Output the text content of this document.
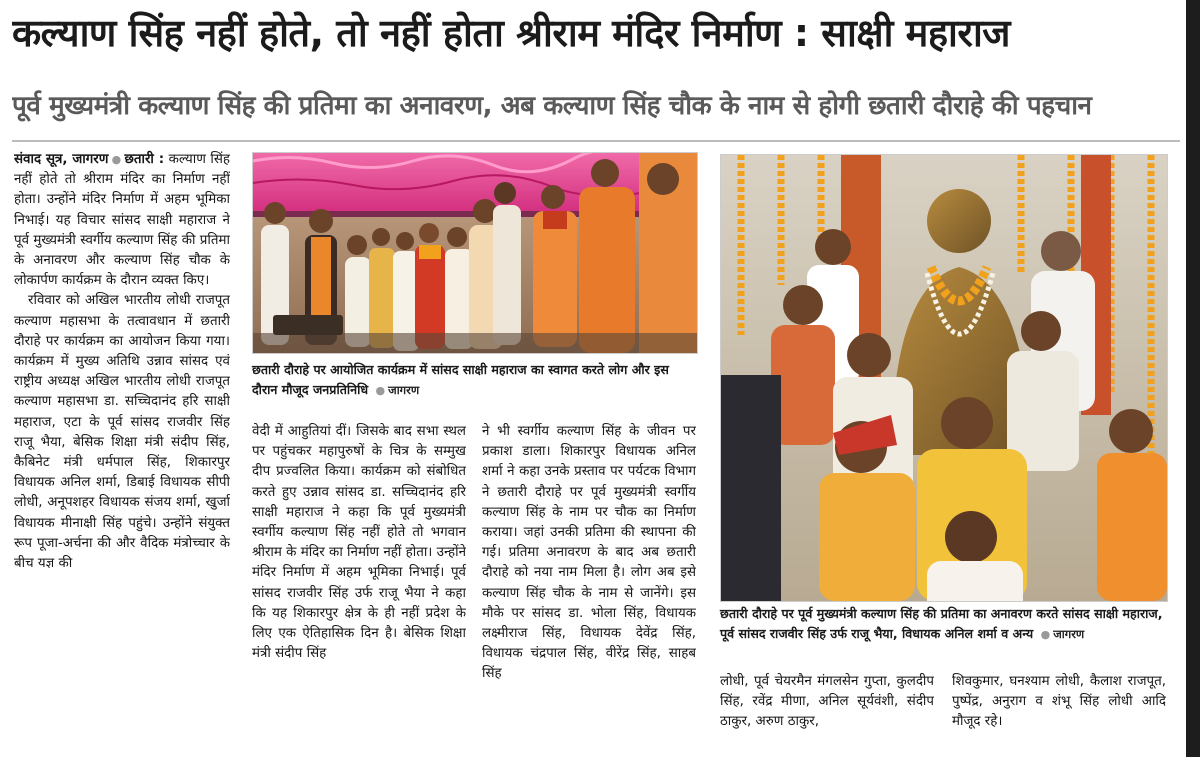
कल्याण सिंह नहीं होते, तो नहीं होता श्रीराम मंदिर निर्माण : साक्षी महाराज
पूर्व मुख्यमंत्री कल्याण सिंह की प्रतिमा का अनावरण, अब कल्याण सिंह चौक के नाम से होगी छतारी दौराहे की पहचान

संवाद सूत्र, जागरण ● छतारी : कल्याण सिंह नहीं होते तो श्रीराम मंदिर का निर्माण नहीं होता। उन्होंने मंदिर निर्माण में अहम भूमिका निभाई। यह विचार सांसद साक्षी महाराज ने पूर्व मुख्यमंत्री स्वर्गीय कल्याण सिंह की प्रतिमा के अनावरण और कल्याण सिंह चौक के लोकार्पण कार्यक्रम के दौरान व्यक्त किए।

रविवार को अखिल भारतीय लोधी राजपूत कल्याण महासभा के तत्वावधान में छतारी दौराहे पर कार्यक्रम का आयोजन किया गया। कार्यक्रम में मुख्य अतिथि उन्नाव सांसद एवं राष्ट्रीय अध्यक्ष अखिल भारतीय लोधी राजपूत कल्याण महासभा डा. सच्चिदानंद हरि साक्षी महाराज, एटा के पूर्व सांसद राजवीर सिंह राजू भैया, बेसिक शिक्षा मंत्री संदीप सिंह, कैबिनेट मंत्री धर्मपाल सिंह, शिकारपुर विधायक अनिल शर्मा, डिबाई विधायक सीपी लोधी, अनूपशहर विधायक संजय शर्मा, खुर्जा विधायक मीनाक्षी सिंह पहुंचे। उन्होंने संयुक्त रूप पूजा-अर्चना की और वैदिक मंत्रोच्चार के बीच यज्ञ की

छतारी दौराहे पर आयोजित कार्यक्रम में सांसद साक्षी महाराज का स्वागत करते लोग और इस दौरान मौजूद जनप्रतिनिधि ● जागरण

वेदी में आहुतियां दीं। जिसके बाद सभा स्थल पर पहुंचकर महापुरुषों के चित्र के सम्मुख दीप प्रज्वलित किया। कार्यक्रम को संबोधित करते हुए उन्नाव सांसद डा. सच्चिदानंद हरि साक्षी महाराज ने कहा कि पूर्व मुख्यमंत्री स्वर्गीय कल्याण सिंह नहीं होते तो भगवान श्रीराम के मंदिर का निर्माण नहीं होता। उन्होंने मंदिर निर्माण में अहम भूमिका निभाई। पूर्व सांसद राजवीर सिंह उर्फ राजू भैया ने कहा कि यह शिकारपुर क्षेत्र के ही नहीं प्रदेश के लिए एक ऐतिहासिक दिन है। बेसिक शिक्षा मंत्री संदीप सिंह

ने भी स्वर्गीय कल्याण सिंह के जीवन पर प्रकाश डाला। शिकारपुर विधायक अनिल शर्मा ने कहा उनके प्रस्ताव पर पर्यटक विभाग ने छतारी दौराहे पर पूर्व मुख्यमंत्री स्वर्गीय कल्याण सिंह के नाम पर चौक का निर्माण कराया। जहां उनकी प्रतिमा की स्थापना की गई। प्रतिमा अनावरण के बाद अब छतारी दौराहे को नया नाम मिला है। लोग अब इसे कल्याण सिंह चौक के नाम से जानेंगे। इस मौके पर सांसद डा. भोला सिंह, विधायक लक्ष्मीराज सिंह, विधायक देवेंद्र सिंह, विधायक चंद्रपाल सिंह, वीरेंद्र सिंह, साहब सिंह

छतारी दौराहे पर पूर्व मुख्यमंत्री कल्याण सिंह की प्रतिमा का अनावरण करते सांसद साक्षी महाराज, पूर्व सांसद राजवीर सिंह उर्फ राजू भैया, विधायक अनिल शर्मा व अन्य ● जागरण

लोधी, पूर्व चेयरमैन मंगलसेन गुप्ता, कुलदीप सिंह, रवेंद्र मीणा, अनिल सूर्यवंशी, संदीप ठाकुर, अरुण ठाकुर,

शिवकुमार, घनश्याम लोधी, कैलाश राजपूत, पुष्पेंद्र, अनुराग व शंभू सिंह लोधी आदि मौजूद रहे।
